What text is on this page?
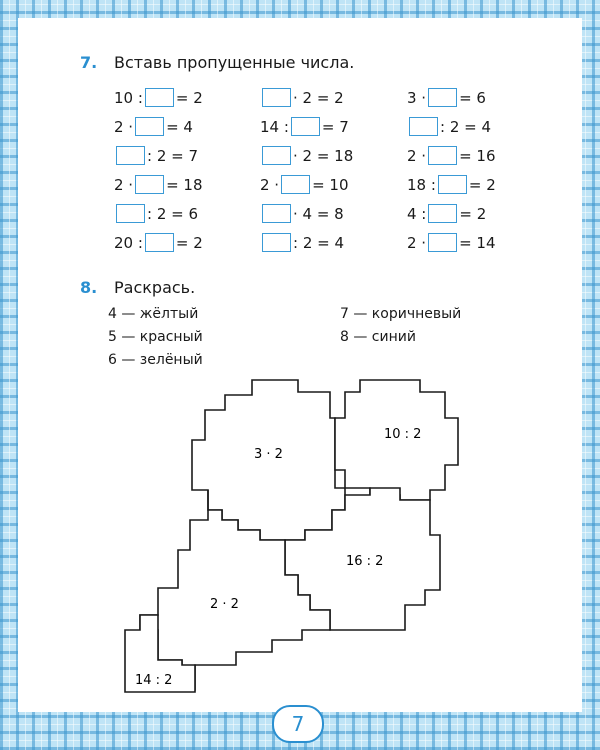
7. Вставь пропущенные числа.
10 : = 2	· 2 = 2	3 · = 6
2 · = 4	14 : = 7	: 2 = 4
: 2 = 7	· 2 = 18	2 · = 16
2 · = 18	2 · = 10	18 : = 2
: 2 = 6	· 4 = 8	4 : = 2
20 : = 2	: 2 = 4	2 · = 14
8. Раскрась.
4 — жёлтый
5 — красный
6 — зелёный
7 — коричневый
8 — синий
3 · 2
10 : 2
16 : 2
2 · 2
14 : 2
7
